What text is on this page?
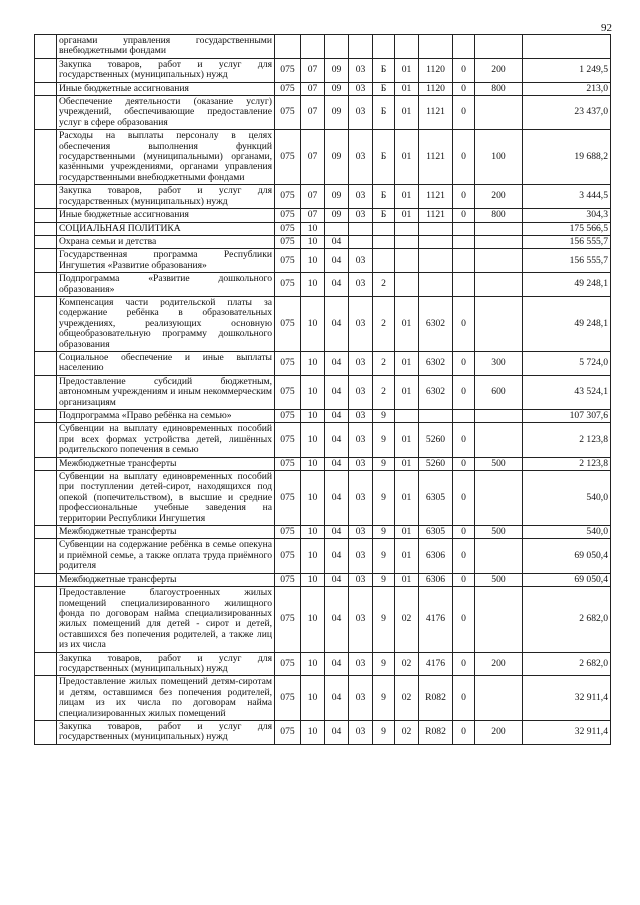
92
	органами управления государственными внебюджетными фондами										
	Закупка товаров, работ и услуг для государственных (муниципальных) нужд	075	07	09	03	Б	01	1120	0	200	1 249,5
	Иные бюджетные ассигнования	075	07	09	03	Б	01	1120	0	800	213,0
	Обеспечение деятельности (оказание услуг) учреждений, обеспечивающие предоставление услуг в сфере образования	075	07	09	03	Б	01	1121	0		23 437,0
	Расходы на выплаты персоналу в целях обеспечения выполнения функций государственными (муниципальными) органами, казёнными учреждениями, органами управления государственными внебюджетными фондами	075	07	09	03	Б	01	1121	0	100	19 688,2
	Закупка товаров, работ и услуг для государственных (муниципальных) нужд	075	07	09	03	Б	01	1121	0	200	3 444,5
	Иные бюджетные ассигнования	075	07	09	03	Б	01	1121	0	800	304,3
	СОЦИАЛЬНАЯ ПОЛИТИКА	075	10								175 566,5
	Охрана семьи и детства	075	10	04							156 555,7
	Государственная программа Республики Ингушетия «Развитие образования»	075	10	04	03						156 555,7
	Подпрограмма «Развитие дошкольного образования»	075	10	04	03	2					49 248,1
	Компенсация части родительской платы за содержание ребёнка в образовательных учреждениях, реализующих основную общеобразовательную программу дошкольного образования	075	10	04	03	2	01	6302	0		49 248,1
	Социальное обеспечение и иные выплаты населению	075	10	04	03	2	01	6302	0	300	5 724,0
	Предоставление субсидий бюджетным, автономным учреждениям и иным некоммерческим организациям	075	10	04	03	2	01	6302	0	600	43 524,1
	Подпрограмма «Право ребёнка на семью»	075	10	04	03	9					107 307,6
	Субвенции на выплату единовременных пособий при всех формах устройства детей, лишённых родительского попечения в семью	075	10	04	03	9	01	5260	0		2 123,8
	Межбюджетные трансферты	075	10	04	03	9	01	5260	0	500	2 123,8
	Субвенции на выплату единовременных пособий при поступлении детей-сирот, находящихся под опекой (попечительством), в высшие и средние профессиональные учебные заведения на территории Республики Ингушетия	075	10	04	03	9	01	6305	0		540,0
	Межбюджетные трансферты	075	10	04	03	9	01	6305	0	500	540,0
	Субвенции на содержание ребёнка в семье опекуна и приёмной семье, а также оплата труда приёмного родителя	075	10	04	03	9	01	6306	0		69 050,4
	Межбюджетные трансферты	075	10	04	03	9	01	6306	0	500	69 050,4
	Предоставление благоустроенных жилых помещений специализированного жилищного фонда по договорам найма специализированных жилых помещений для детей - сирот и детей, оставшихся без попечения родителей, а также лиц из их числа	075	10	04	03	9	02	4176	0		2 682,0
	Закупка товаров, работ и услуг для государственных (муниципальных) нужд	075	10	04	03	9	02	4176	0	200	2 682,0
	Предоставление жилых помещений детям-сиротам и детям, оставшимся без попечения родителей, лицам из их числа по договорам найма специализированных жилых помещений	075	10	04	03	9	02	R082	0		32 911,4
	Закупка товаров, работ и услуг для государственных (муниципальных) нужд	075	10	04	03	9	02	R082	0	200	32 911,4
